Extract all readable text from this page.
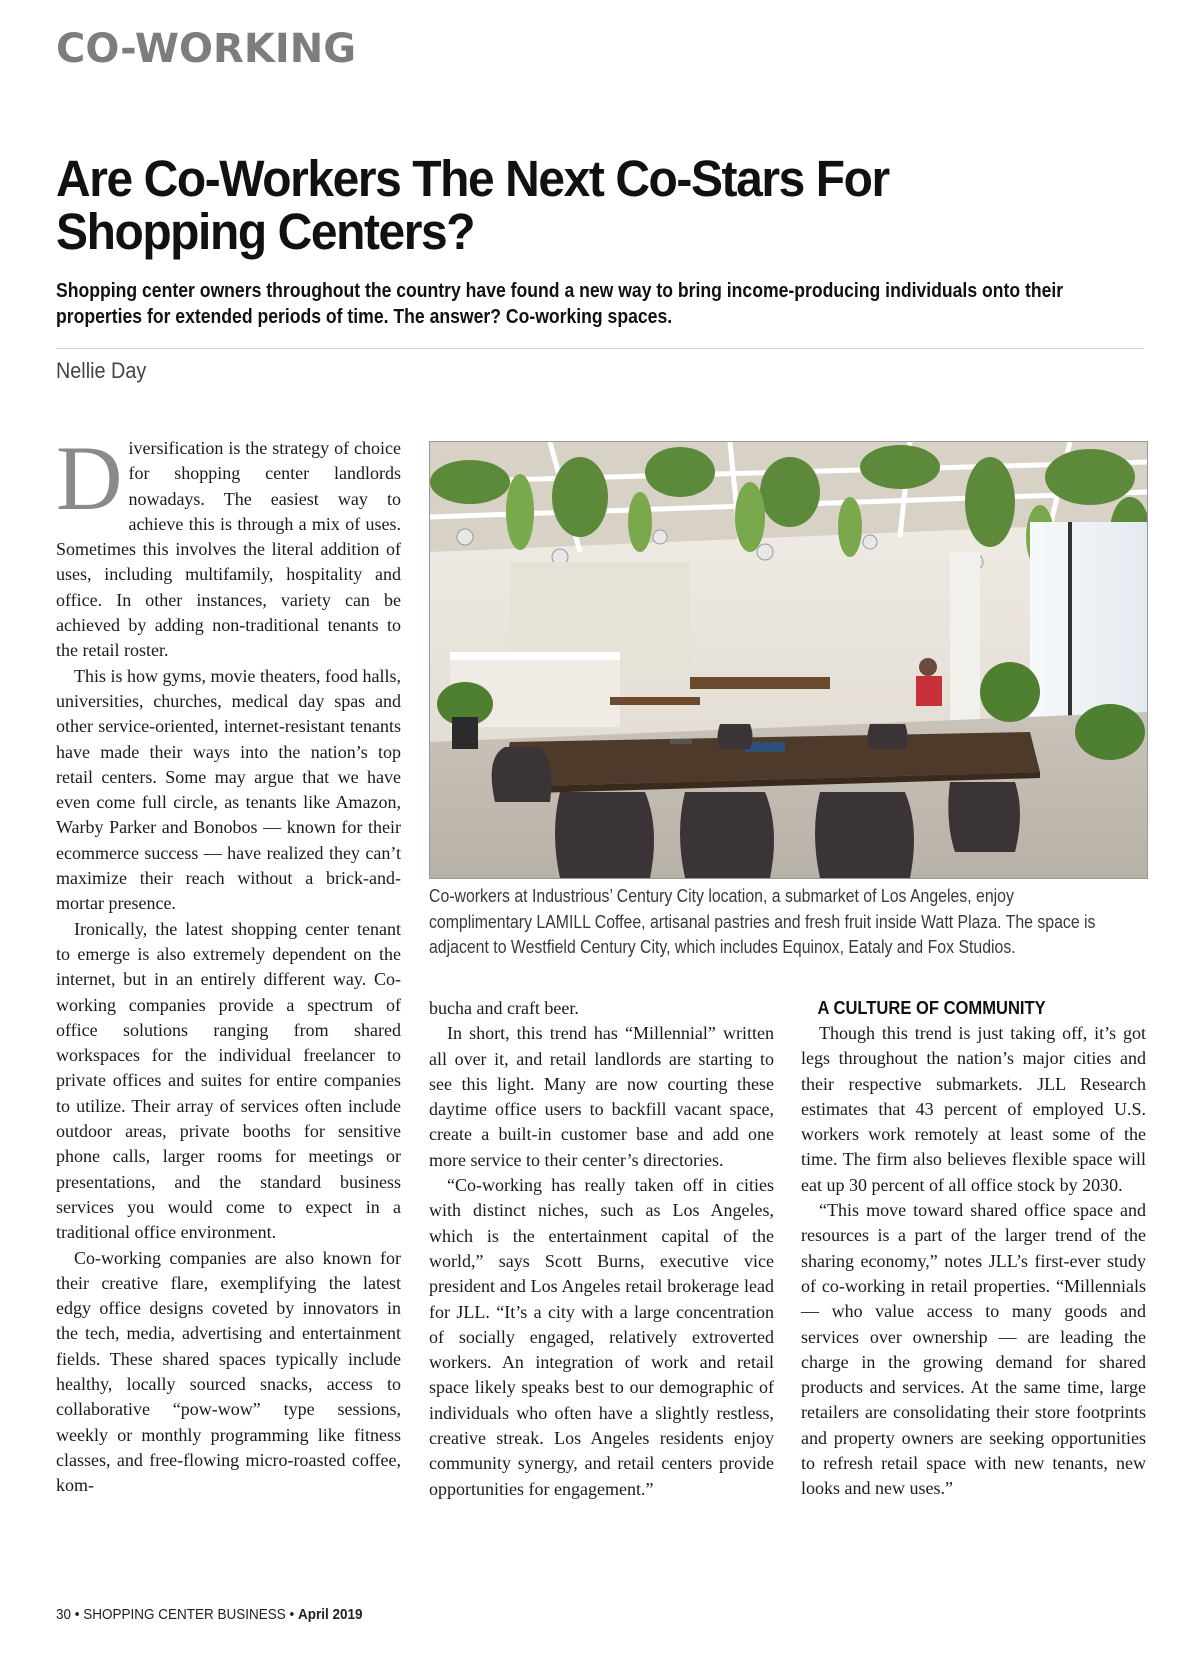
CO-WORKING
Are Co-Workers The Next Co-Stars For Shopping Centers?
Shopping center owners throughout the country have found a new way to bring income-producing individuals onto their properties for extended periods of time. The answer? Co-working spaces.
Nellie Day

Diversification is the strategy of choice for shopping center landlords nowadays. The easiest way to achieve this is through a mix of uses. Sometimes this involves the literal addition of uses, including multifamily, hospitality and office. In other instances, variety can be achieved by adding non-traditional tenants to the retail roster.

This is how gyms, movie theaters, food halls, universities, churches, medical day spas and other service-oriented, internet-resistant tenants have made their ways into the nation’s top retail centers. Some may argue that we have even come full circle, as tenants like Amazon, Warby Parker and Bonobos — known for their ecommerce success — have realized they can’t maximize their reach without a brick-and-mortar presence.

Ironically, the latest shopping center tenant to emerge is also extremely dependent on the internet, but in an entirely different way. Co-working companies provide a spectrum of office solutions ranging from shared workspaces for the individual freelancer to private offices and suites for entire companies to utilize. Their array of services often include outdoor areas, private booths for sensitive phone calls, larger rooms for meetings or presentations, and the standard business services you would come to expect in a traditional office environment.

Co-working companies are also known for their creative flare, exemplifying the latest edgy office designs coveted by innovators in the tech, media, advertising and entertainment fields. These shared spaces typically include healthy, locally sourced snacks, access to collaborative “pow-wow” type sessions, weekly or monthly programming like fitness classes, and free-flowing micro-roasted coffee, kom-

Co-workers at Industrious’ Century City location, a submarket of Los Angeles, enjoy complimentary LAMILL Coffee, artisanal pastries and fresh fruit inside Watt Plaza. The space is adjacent to Westfield Century City, which includes Equinox, Eataly and Fox Studios.

bucha and craft beer.

In short, this trend has “Millennial” written all over it, and retail landlords are starting to see this light. Many are now courting these daytime office users to backfill vacant space, create a built-in customer base and add one more service to their center’s directories.

“Co-working has really taken off in cities with distinct niches, such as Los Angeles, which is the entertainment capital of the world,” says Scott Burns, executive vice president and Los Angeles retail brokerage lead for JLL. “It’s a city with a large concentration of socially engaged, relatively extroverted workers. An integration of work and retail space likely speaks best to our demographic of individuals who often have a slightly restless, creative streak. Los Angeles residents enjoy community synergy, and retail centers provide opportunities for engagement.”

A CULTURE OF COMMUNITY

Though this trend is just taking off, it’s got legs throughout the nation’s major cities and their respective submarkets. JLL Research estimates that 43 percent of employed U.S. workers work remotely at least some of the time. The firm also believes flexible space will eat up 30 percent of all office stock by 2030.

“This move toward shared office space and resources is a part of the larger trend of the sharing economy,” notes JLL’s first-ever study of co-working in retail properties. “Millennials — who value access to many goods and services over ownership — are leading the charge in the growing demand for shared products and services. At the same time, large retailers are consolidating their store footprints and property owners are seeking opportunities to refresh retail space with new tenants, new looks and new uses.”

30 • SHOPPING CENTER BUSINESS • April 2019
